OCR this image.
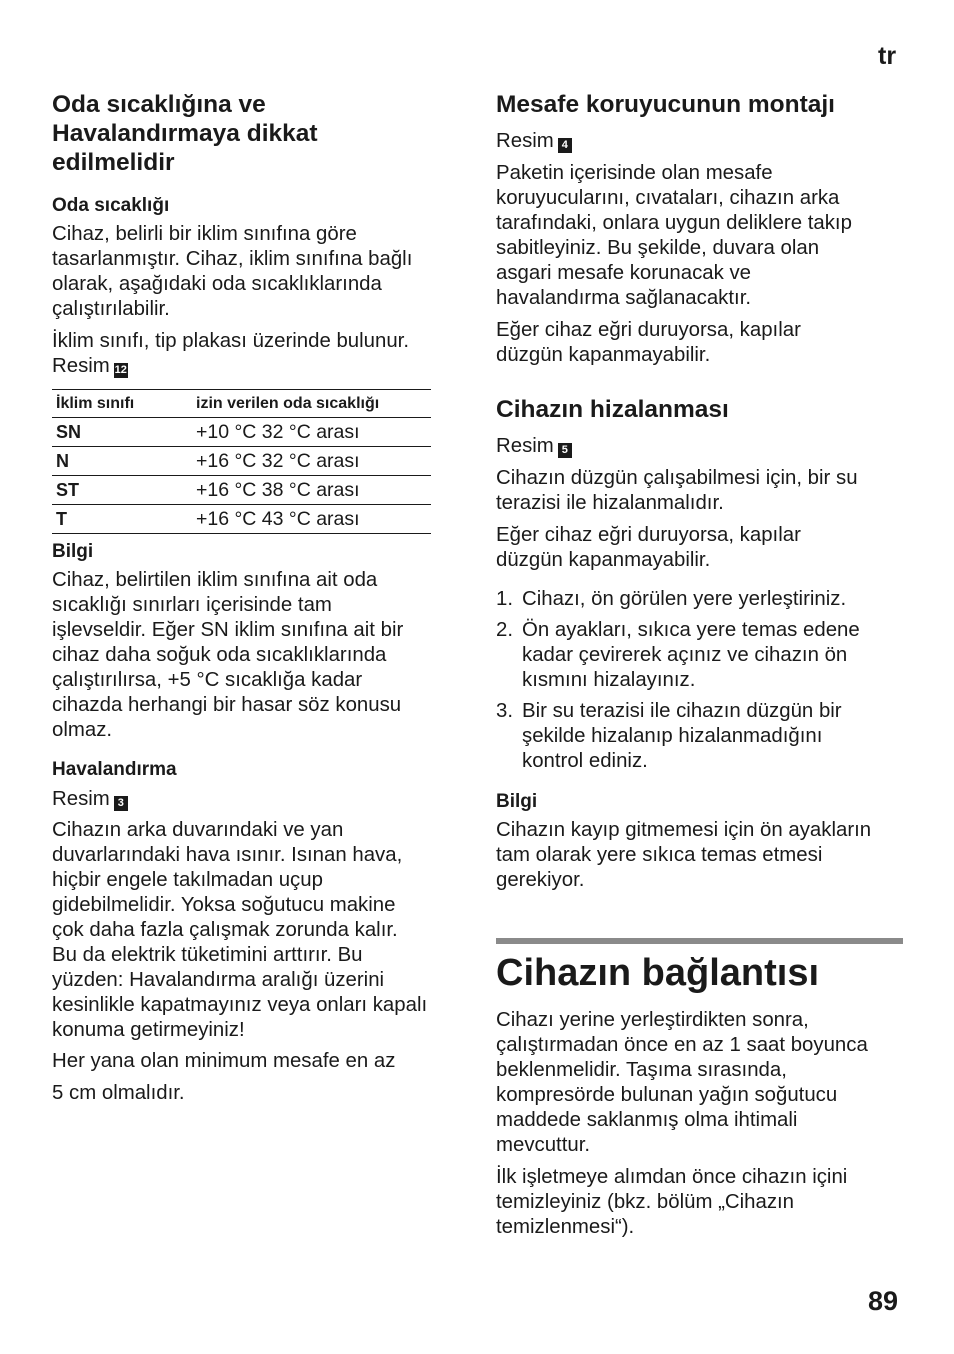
tr
Oda sıcaklığına ve
Havalandırmaya dikkat
edilmelidir
Oda sıcaklığı

Cihaz, belirli bir iklim sınıfına göre
tasarlanmıştır. Cihaz, iklim sınıfına bağlı
olarak, aşağıdaki oda sıcaklıklarında
çalıştırılabilir.

İklim sınıfı, tip plakası üzerinde bulunur.
Resim 12

İklim sınıfı	izin verilen oda sıcaklığı
SN	+10 °C 32 °C arası
N	+16 °C 32 °C arası
ST	+16 °C 38 °C arası
T	+16 °C 43 °C arası
Bilgi

Cihaz, belirtilen iklim sınıfına ait oda
sıcaklığı sınırları içerisinde tam
işlevseldir. Eğer SN iklim sınıfına ait bir
cihaz daha soğuk oda sıcaklıklarında
çalıştırılırsa, +5 °C sıcaklığa kadar
cihazda herhangi bir hasar söz konusu
olmaz.

Havalandırma

Resim 3

Cihazın arka duvarındaki ve yan
duvarlarındaki hava ısınır. Isınan hava,
hiçbir engele takılmadan uçup
gidebilmelidir. Yoksa soğutucu makine
çok daha fazla çalışmak zorunda kalır.
Bu da elektrik tüketimini arttırır. Bu
yüzden: Havalandırma aralığı üzerini
kesinlikle kapatmayınız veya onları kapalı
konuma getirmeyiniz!

Her yana olan minimum mesafe en az

5 cm olmalıdır.

Mesafe koruyucunun montajı

Resim 4

Paketin içerisinde olan mesafe
koruyucularını, cıvataları, cihazın arka
tarafındaki, onlara uygun deliklere takıp
sabitleyiniz. Bu şekilde, duvara olan
asgari mesafe korunacak ve
havalandırma sağlanacaktır.

Eğer cihaz eğri duruyorsa, kapılar
düzgün kapanmayabilir.

Cihazın hizalanması

Resim 5

Cihazın düzgün çalışabilmesi için, bir su
terazisi ile hizalanmalıdır.

Eğer cihaz eğri duruyorsa, kapılar
düzgün kapanmayabilir.

1. Cihazı, ön görülen yere yerleştiriniz.
2. Ön ayakları, sıkıca yere temas edene
kadar çevirerek açınız ve cihazın ön
kısmını hizalayınız.
3. Bir su terazisi ile cihazın düzgün bir
şekilde hizalanıp hizalanmadığını
kontrol ediniz.
Bilgi

Cihazın kayıp gitmemesi için ön ayakların
tam olarak yere sıkıca temas etmesi
gerekiyor.

Cihazın bağlantısı

Cihazı yerine yerleştirdikten sonra,
çalıştırmadan önce en az 1 saat boyunca
beklenmelidir. Taşıma sırasında,
kompresörde bulunan yağın soğutucu
maddede saklanmış olma ihtimali
mevcuttur.

İlk işletmeye alımdan önce cihazın içini
temizleyiniz (bkz. bölüm „Cihazın
temizlenmesi“).

89
